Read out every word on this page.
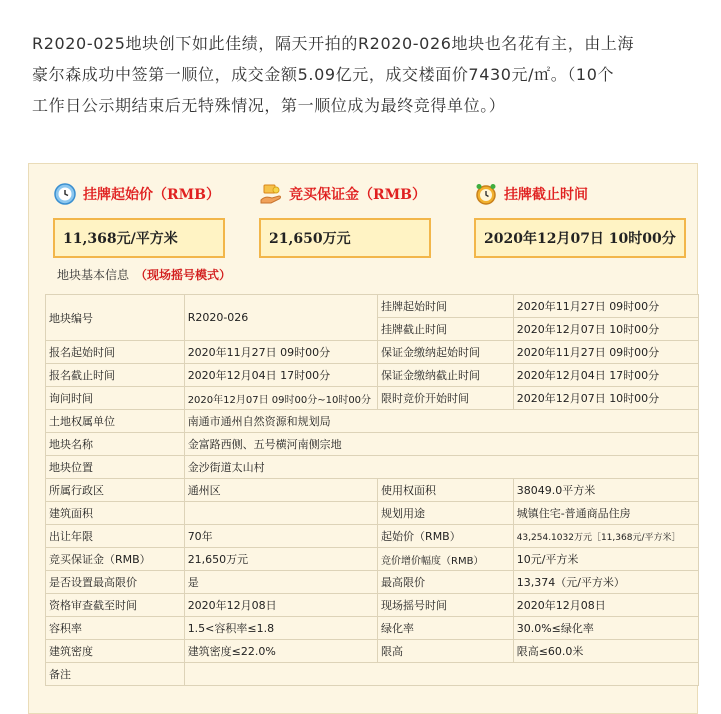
R2020-025地块创下如此佳绩，隔天开拍的R2020-026地块也名花有主，由上海

豪尔森成功中签第一顺位，成交金额5.09亿元，成交楼面价7430元/㎡。（10个

工作日公示期结束后无特殊情况，第一顺位成为最终竞得单位。）

挂牌起始价（RMB）
11,368元/平方米
竞买保证金（RMB）
21,650万元
挂牌截止时间
2020年12月07日 10时00分
地块基本信息 （现场摇号模式）
地块编号	R2020-026	挂牌起始时间	2020年11月27日 09时00分
		挂牌截止时间	2020年12月07日 10时00分
报名起始时间	2020年11月27日 09时00分	保证金缴纳起始时间	2020年11月27日 09时00分
报名截止时间	2020年12月04日 17时00分	保证金缴纳截止时间	2020年12月04日 17时00分
询问时间	2020年12月07日 09时00分~10时00分	限时竞价开始时间	2020年12月07日 10时00分
土地权属单位	南通市通州自然资源和规划局		
地块名称	金富路西侧、五号横河南侧宗地		
地块位置	金沙街道太山村		
所属行政区	通州区	使用权面积	38049.0平方米
建筑面积		规划用途	城镇住宅-普通商品住房
出让年限	70年	起始价（RMB）	43,254.1032万元［11,368元/平方米］
竞买保证金（RMB）	21,650万元	竞价增价幅度（RMB）	10元/平方米
是否设置最高限价	是	最高限价	13,374（元/平方米）
资格审查截至时间	2020年12月08日	现场摇号时间	2020年12月08日
容积率	1.5<容积率≤1.8	绿化率	30.0%≤绿化率
建筑密度	建筑密度≤22.0%	限高	限高≤60.0米
备注			
